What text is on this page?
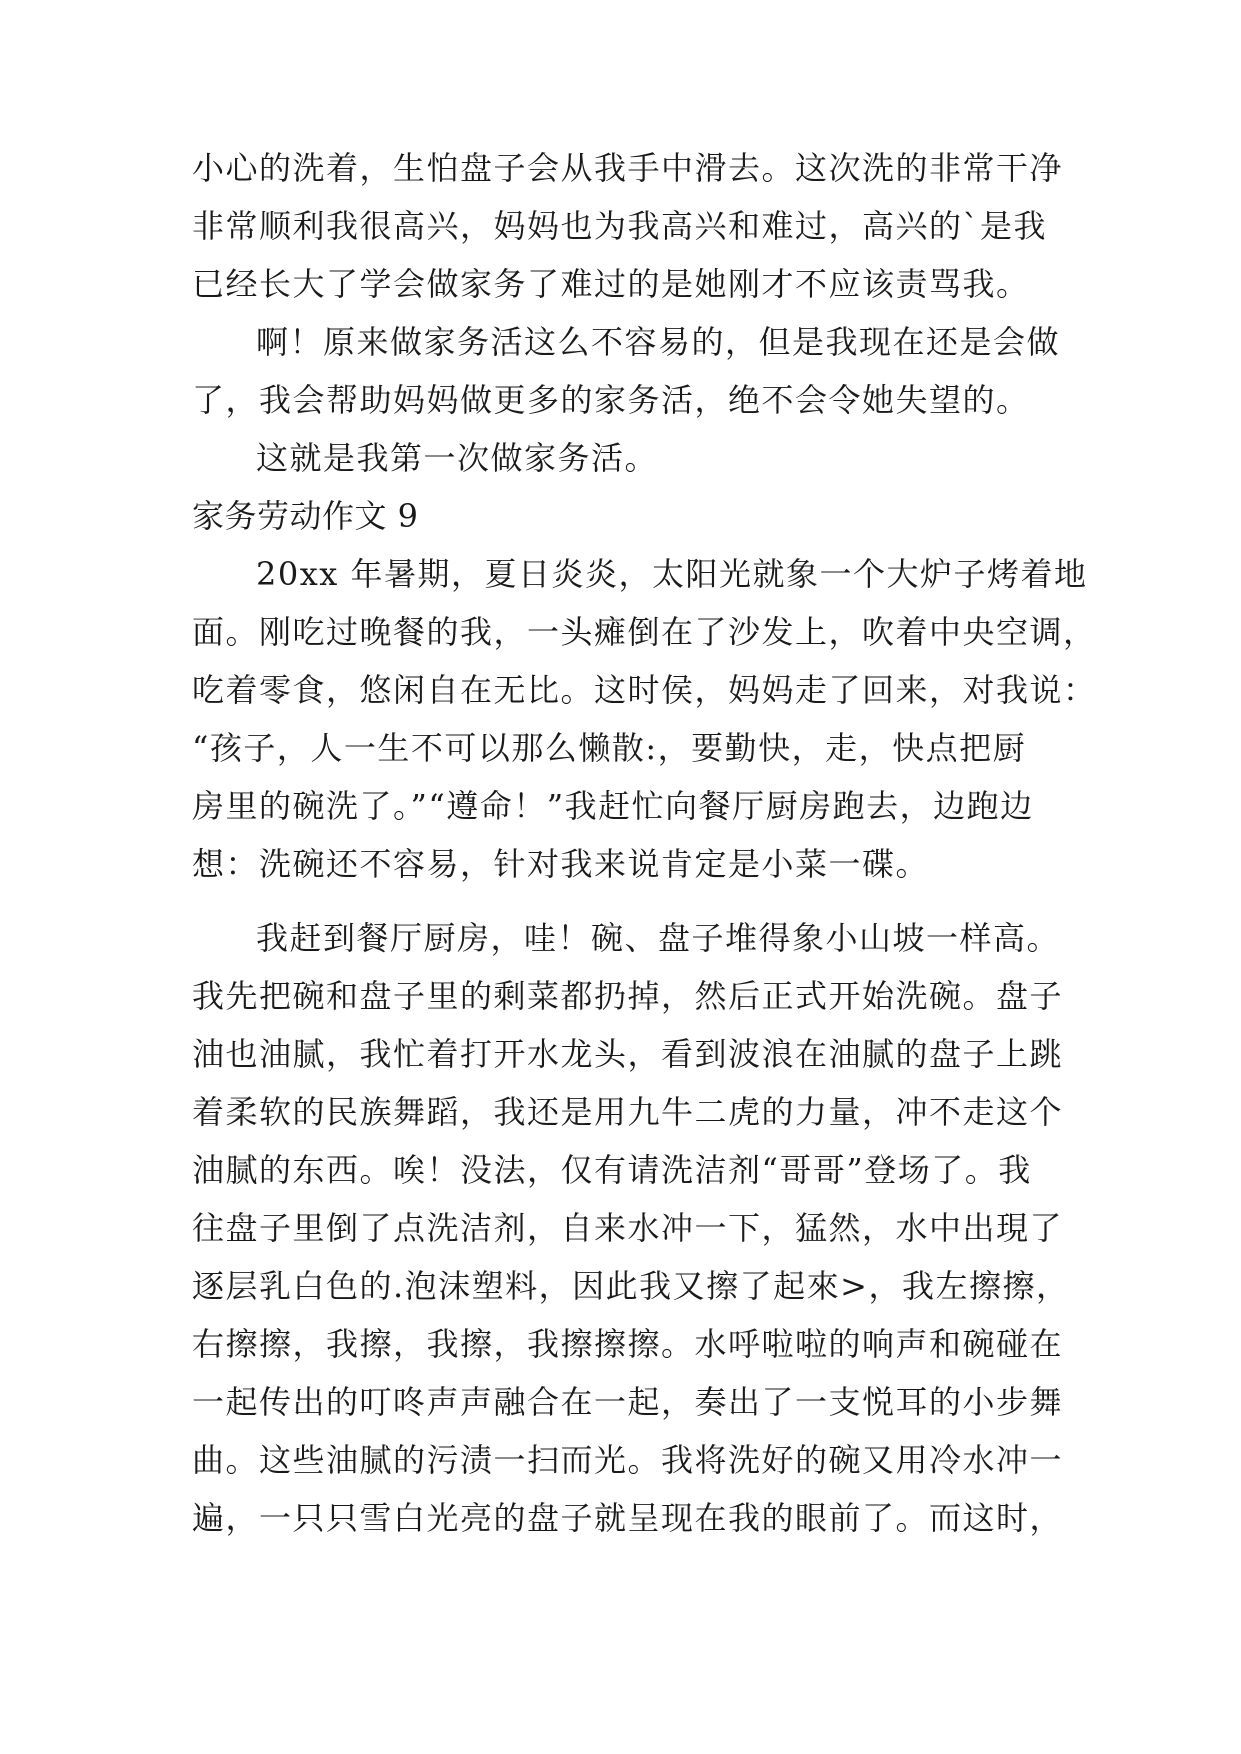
小心的洗着，生怕盘子会从我手中滑去。这次洗的非常干净
非常顺利我很高兴，妈妈也为我高兴和难过，高兴的`是我
已经长大了学会做家务了难过的是她刚才不应该责骂我。
啊！原来做家务活这么不容易的，但是我现在还是会做
了，我会帮助妈妈做更多的家务活，绝不会令她失望的。
这就是我第一次做家务活。
家务劳动作文 9
20xx 年暑期，夏日炎炎，太阳光就象一个大炉子烤着地
面。刚吃过晚餐的我，一头瘫倒在了沙发上，吹着中央空调，
吃着零食，悠闲自在无比。这时侯，妈妈走了回来，对我说：
“孩子，人一生不可以那么懒散:，要勤快，走，快点把厨
房里的碗洗了。”“遵命！”我赶忙向餐厅厨房跑去，边跑边
想：洗碗还不容易，针对我来说肯定是小菜一碟。
我赶到餐厅厨房，哇！碗、盘子堆得象小山坡一样高。
我先把碗和盘子里的剩菜都扔掉，然后正式开始洗碗。盘子
油也油腻，我忙着打开水龙头，看到波浪在油腻的盘子上跳
着柔软的民族舞蹈，我还是用九牛二虎的力量，冲不走这个
油腻的东西。唉！没法，仅有请洗洁剂“哥哥”登场了。我
往盘子里倒了点洗洁剂，自来水冲一下，猛然，水中出現了
逐层乳白色的.泡沫塑料，因此我又擦了起來>，我左擦擦，
右擦擦，我擦，我擦，我擦擦擦。水呼啦啦的响声和碗碰在
一起传出的叮咚声声融合在一起，奏出了一支悦耳的小步舞
曲。这些油腻的污渍一扫而光。我将洗好的碗又用冷水冲一
遍，一只只雪白光亮的盘子就呈现在我的眼前了。而这时，
